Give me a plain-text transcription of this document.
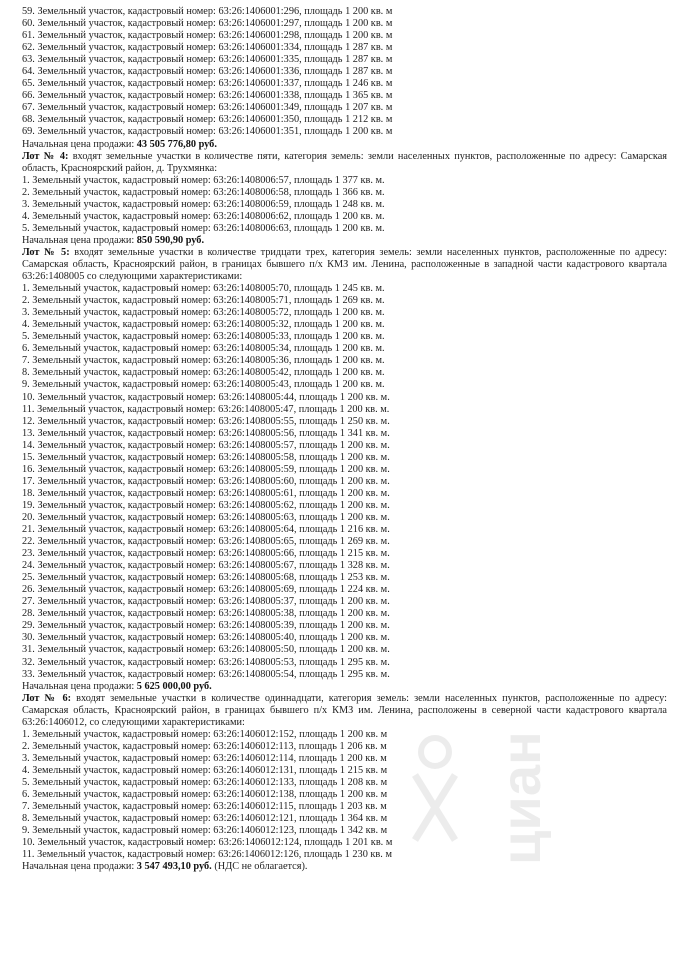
59. Земельный участок, кадастровый номер: 63:26:1406001:296, площадь 1 200 кв. м
60. Земельный участок, кадастровый номер: 63:26:1406001:297, площадь 1 200 кв. м
61. Земельный участок, кадастровый номер: 63:26:1406001:298, площадь 1 200 кв. м
62. Земельный участок, кадастровый номер: 63:26:1406001:334, площадь 1 287 кв. м
63. Земельный участок, кадастровый номер: 63:26:1406001:335, площадь 1 287 кв. м
64. Земельный участок, кадастровый номер: 63:26:1406001:336, площадь 1 287 кв. м
65. Земельный участок, кадастровый номер: 63:26:1406001:337, площадь 1 246 кв. м
66. Земельный участок, кадастровый номер: 63:26:1406001:338, площадь 1 365 кв. м
67. Земельный участок, кадастровый номер: 63:26:1406001:349, площадь 1 207 кв. м
68. Земельный участок, кадастровый номер: 63:26:1406001:350, площадь 1 212 кв. м
69. Земельный участок, кадастровый номер: 63:26:1406001:351, площадь 1 200 кв. м
Начальная цена продажи: 43 505 776,80 руб.
Лот № 4: входят земельные участки в количестве пяти, категория земель: земли населенных пунктов, расположенные по адресу: Самарская область, Красноярский район, д. Трухмянка:
1. Земельный участок, кадастровый номер: 63:26:1408006:57, площадь 1 377 кв. м.
2. Земельный участок, кадастровый номер: 63:26:1408006:58, площадь 1 366 кв. м.
3. Земельный участок, кадастровый номер: 63:26:1408006:59, площадь 1 248 кв. м.
4. Земельный участок, кадастровый номер: 63:26:1408006:62, площадь 1 200 кв. м.
5. Земельный участок, кадастровый номер: 63:26:1408006:63, площадь 1 200 кв. м.
Начальная цена продажи: 850 590,90 руб.
Лот № 5: входят земельные участки в количестве тридцати трех, категория земель: земли населенных пунктов, расположенные по адресу: Самарская область, Красноярский район, в границах бывшего п/х КМЗ им. Ленина, расположенные в западной части кадастрового квартала 63:26:1408005 со следующими характеристиками:
1. Земельный участок, кадастровый номер: 63:26:1408005:70, площадь 1 245 кв. м.
2. Земельный участок, кадастровый номер: 63:26:1408005:71, площадь 1 269 кв. м.
3. Земельный участок, кадастровый номер: 63:26:1408005:72, площадь 1 200 кв. м.
4. Земельный участок, кадастровый номер: 63:26:1408005:32, площадь 1 200 кв. м.
5. Земельный участок, кадастровый номер: 63:26:1408005:33, площадь 1 200 кв. м.
6. Земельный участок, кадастровый номер: 63:26:1408005:34, площадь 1 200 кв. м.
7. Земельный участок, кадастровый номер: 63:26:1408005:36, площадь 1 200 кв. м.
8. Земельный участок, кадастровый номер: 63:26:1408005:42, площадь 1 200 кв. м.
9. Земельный участок, кадастровый номер: 63:26:1408005:43, площадь 1 200 кв. м.
10. Земельный участок, кадастровый номер: 63:26:1408005:44, площадь 1 200 кв. м.
11. Земельный участок, кадастровый номер: 63:26:1408005:47, площадь 1 200 кв. м.
12. Земельный участок, кадастровый номер: 63:26:1408005:55, площадь 1 250 кв. м.
13. Земельный участок, кадастровый номер: 63:26:1408005:56, площадь 1 341 кв. м.
14. Земельный участок, кадастровый номер: 63:26:1408005:57, площадь 1 200 кв. м.
15. Земельный участок, кадастровый номер: 63:26:1408005:58, площадь 1 200 кв. м.
16. Земельный участок, кадастровый номер: 63:26:1408005:59, площадь 1 200 кв. м.
17. Земельный участок, кадастровый номер: 63:26:1408005:60, площадь 1 200 кв. м.
18. Земельный участок, кадастровый номер: 63:26:1408005:61, площадь 1 200 кв. м.
19. Земельный участок, кадастровый номер: 63:26:1408005:62, площадь 1 200 кв. м.
20. Земельный участок, кадастровый номер: 63:26:1408005:63, площадь 1 200 кв. м.
21. Земельный участок, кадастровый номер: 63:26:1408005:64, площадь 1 216 кв. м.
22. Земельный участок, кадастровый номер: 63:26:1408005:65, площадь 1 269 кв. м.
23. Земельный участок, кадастровый номер: 63:26:1408005:66, площадь 1 215 кв. м.
24. Земельный участок, кадастровый номер: 63:26:1408005:67, площадь 1 328 кв. м.
25. Земельный участок, кадастровый номер: 63:26:1408005:68, площадь 1 253 кв. м.
26. Земельный участок, кадастровый номер: 63:26:1408005:69, площадь 1 224 кв. м.
27. Земельный участок, кадастровый номер: 63:26:1408005:37, площадь 1 200 кв. м.
28. Земельный участок, кадастровый номер: 63:26:1408005:38, площадь 1 200 кв. м.
29. Земельный участок, кадастровый номер: 63:26:1408005:39, площадь 1 200 кв. м.
30. Земельный участок, кадастровый номер: 63:26:1408005:40, площадь 1 200 кв. м.
31. Земельный участок, кадастровый номер: 63:26:1408005:50, площадь 1 200 кв. м.
32. Земельный участок, кадастровый номер: 63:26:1408005:53, площадь 1 295 кв. м.
33. Земельный участок, кадастровый номер: 63:26:1408005:54, площадь 1 295 кв. м.
Начальная цена продажи: 5 625 000,00 руб.
Лот № 6: входят земельные участки в количестве одиннадцати, категория земель: земли населенных пунктов, расположенные по адресу: Самарская область, Красноярский район, в границах бывшего п/х КМЗ им. Ленина, расположены в северной части кадастрового квартала 63:26:1406012, со следующими характеристиками:
1. Земельный участок, кадастровый номер: 63:26:1406012:152, площадь 1 200 кв. м
2. Земельный участок, кадастровый номер: 63:26:1406012:113, площадь 1 206 кв. м
3. Земельный участок, кадастровый номер: 63:26:1406012:114, площадь 1 200 кв. м
4. Земельный участок, кадастровый номер: 63:26:1406012:131, площадь 1 215 кв. м
5. Земельный участок, кадастровый номер: 63:26:1406012:133, площадь 1 208 кв. м
6. Земельный участок, кадастровый номер: 63:26:1406012:138, площадь 1 200 кв. м
7. Земельный участок, кадастровый номер: 63:26:1406012:115, площадь 1 203 кв. м
8. Земельный участок, кадастровый номер: 63:26:1406012:121, площадь 1 364 кв. м
9. Земельный участок, кадастровый номер: 63:26:1406012:123, площадь 1 342 кв. м
10. Земельный участок, кадастровый номер: 63:26:1406012:124, площадь 1 201 кв. м
11. Земельный участок, кадастровый номер: 63:26:1406012:126, площадь 1 230 кв. м
Начальная цена продажи: 3 547 493,10 руб. (НДС не облагается).
циан
